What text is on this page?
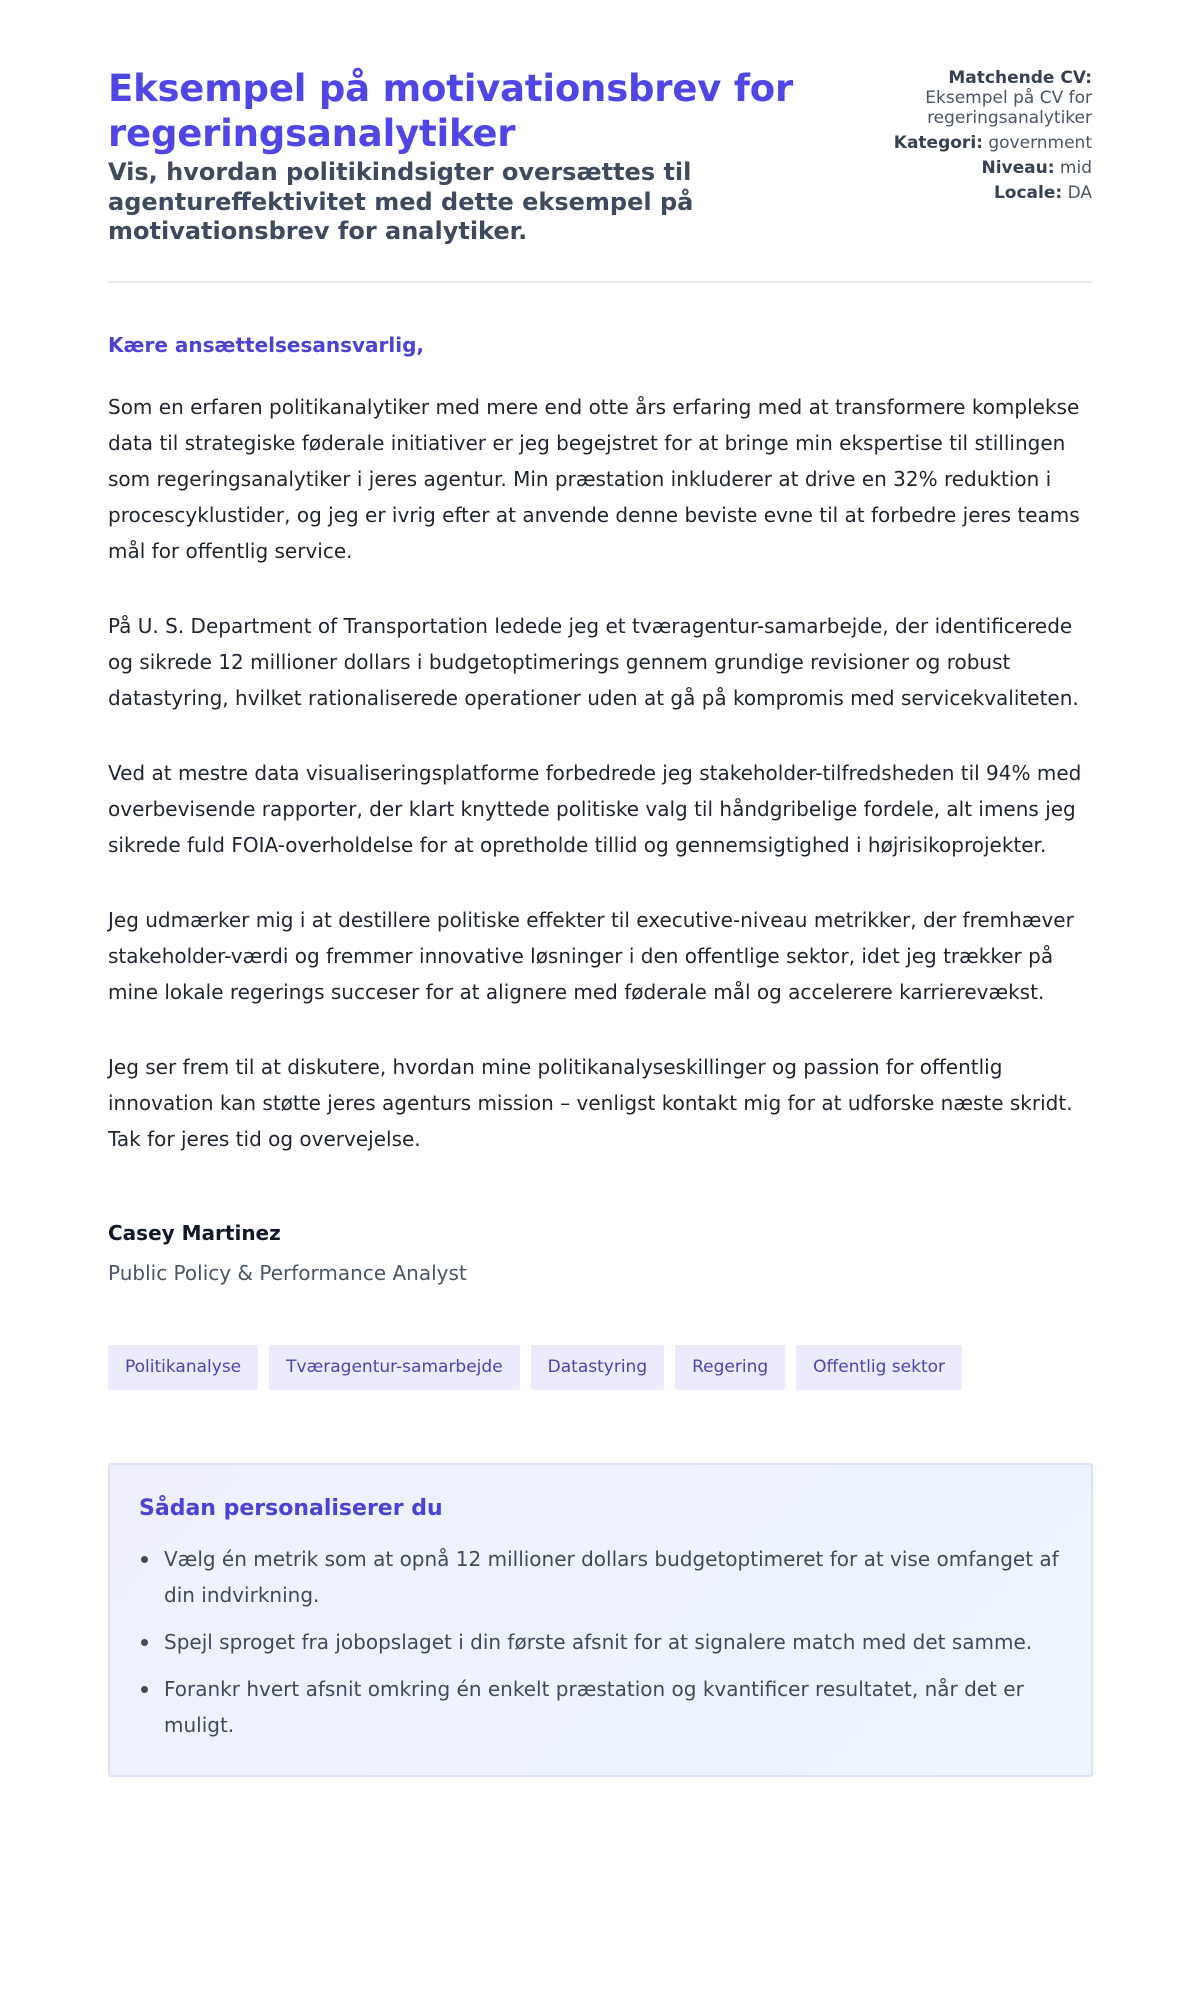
Eksempel på motivationsbrev for regeringsanalytiker
Vis, hvordan politikindsigter oversættes til agentureffektivitet med dette eksempel på motivationsbrev for analytiker.
Matchende CV:
Eksempel på CV for regeringsanalytiker
Kategori: government
Niveau: mid
Locale: DA
Kære ansættelsesansvarlig,

Som en erfaren politikanalytiker med mere end otte års erfaring med at transformere komplekse data til strategiske føderale initiativer er jeg begejstret for at bringe min ekspertise til stillingen som regeringsanalytiker i jeres agentur. Min præstation inkluderer at drive en 32% reduktion i procescyklustider, og jeg er ivrig efter at anvende denne beviste evne til at forbedre jeres teams mål for offentlig service.

På U. S. Department of Transportation ledede jeg et tværagentur-samarbejde, der identificerede og sikrede 12 millioner dollars i budgetoptimerings gennem grundige revisioner og robust datastyring, hvilket rationaliserede operationer uden at gå på kompromis med servicekvaliteten.

Ved at mestre data visualiseringsplatforme forbedrede jeg stakeholder-tilfredsheden til 94% med overbevisende rapporter, der klart knyttede politiske valg til håndgribelige fordele, alt imens jeg sikrede fuld FOIA-overholdelse for at opretholde tillid og gennemsigtighed i højrisikoprojekter.

Jeg udmærker mig i at destillere politiske effekter til executive-niveau metrikker, der fremhæver stakeholder-værdi og fremmer innovative løsninger i den offentlige sektor, idet jeg trækker på mine lokale regerings succeser for at alignere med føderale mål og accelerere karrierevækst.

Jeg ser frem til at diskutere, hvordan mine politikanalyseskillinger og passion for offentlig innovation kan støtte jeres agenturs mission – venligst kontakt mig for at udforske næste skridt. Tak for jeres tid og overvejelse.

Casey Martinez
Public Policy & Performance Analyst
Politikanalyse	Tværagentur-samarbejde	Datastyring	Regering	Offentlig sektor
Sådan personaliserer du
Vælg én metrik som at opnå 12 millioner dollars budgetoptimeret for at vise omfanget af din indvirkning.
Spejl sproget fra jobopslaget i din første afsnit for at signalere match med det samme.
Forankr hvert afsnit omkring én enkelt præstation og kvantificer resultatet, når det er muligt.
